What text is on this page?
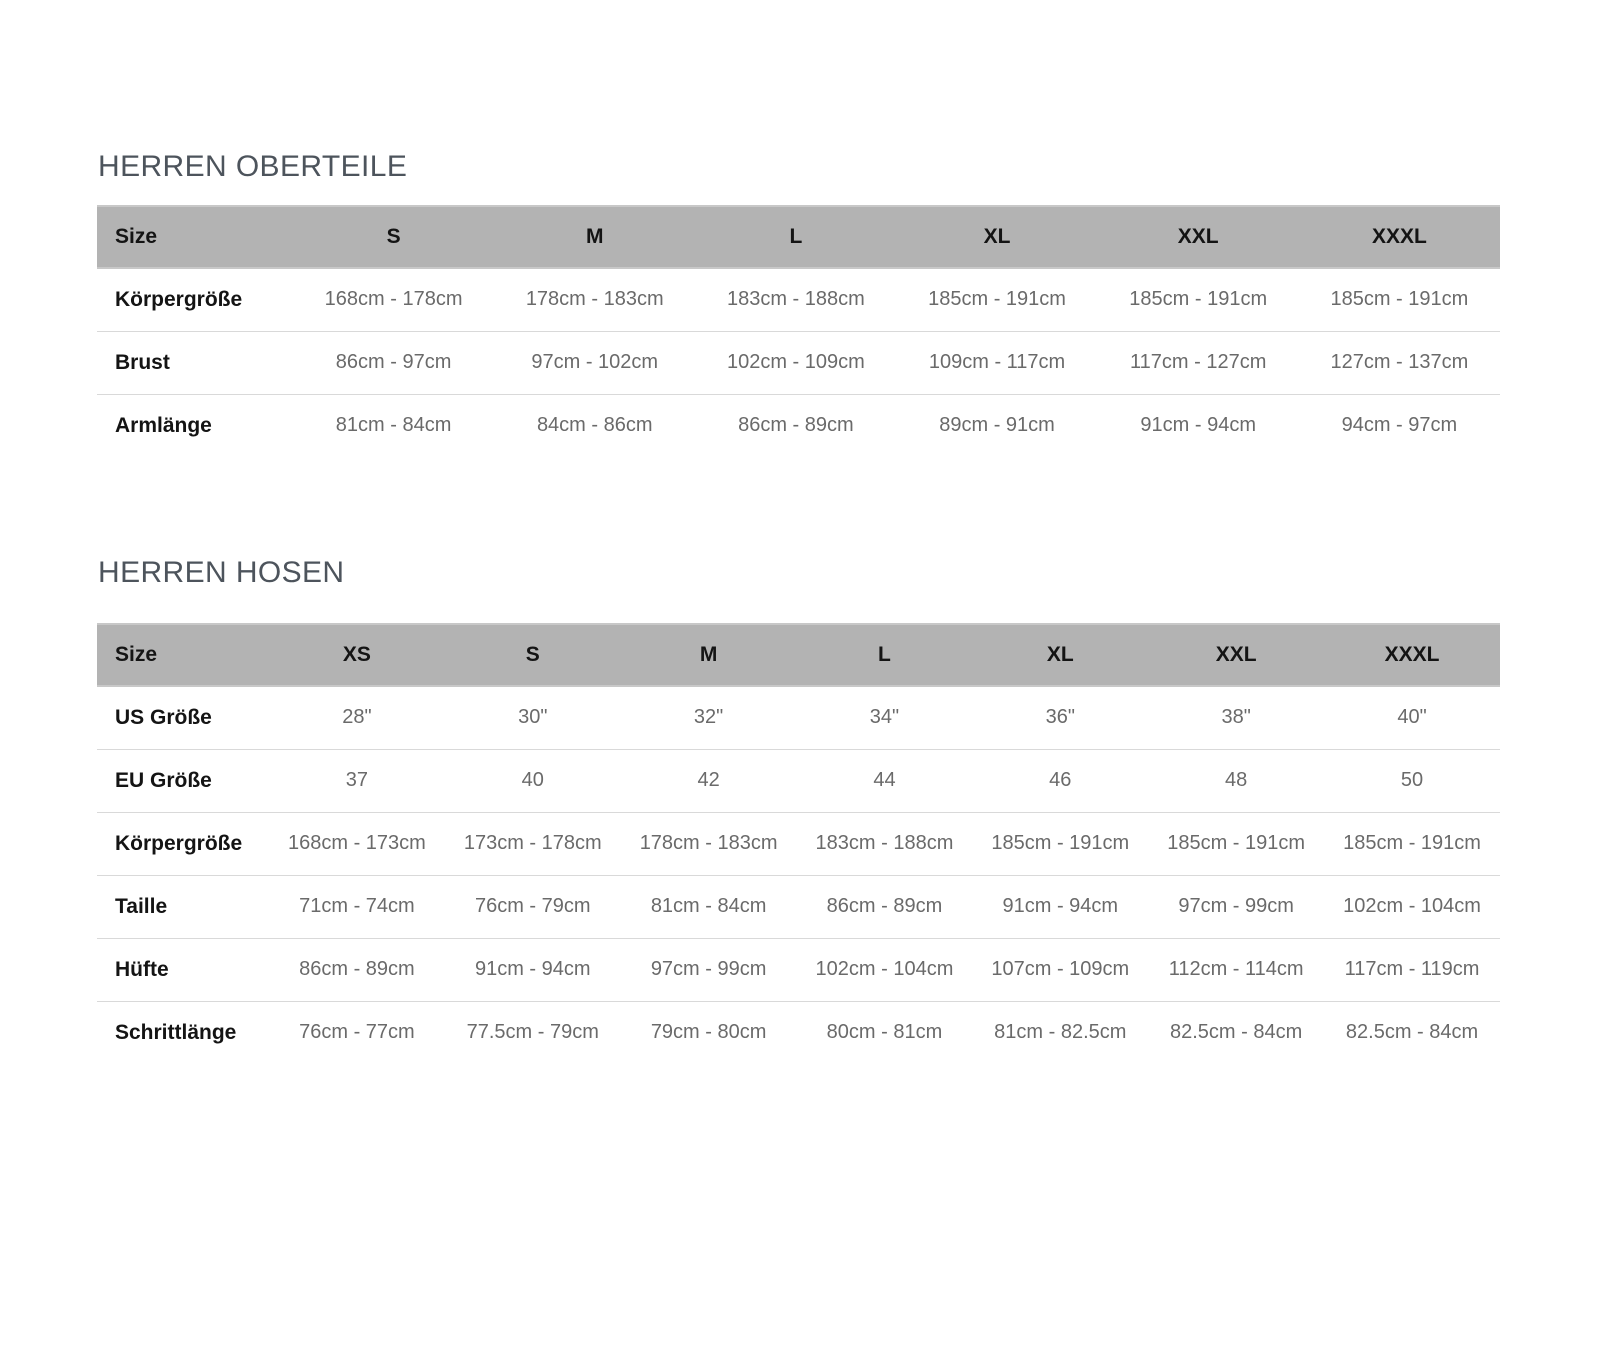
HERREN OBERTEILE
Size	S	M	L	XL	XXL	XXXL
Körpergröße	168cm - 178cm	178cm - 183cm	183cm - 188cm	185cm - 191cm	185cm - 191cm	185cm - 191cm
Brust	86cm - 97cm	97cm - 102cm	102cm - 109cm	109cm - 117cm	117cm - 127cm	127cm - 137cm
Armlänge	81cm - 84cm	84cm - 86cm	86cm - 89cm	89cm - 91cm	91cm - 94cm	94cm - 97cm
HERREN HOSEN
Size	XS	S	M	L	XL	XXL	XXXL
US Größe	28"	30"	32"	34"	36"	38"	40"
EU Größe	37	40	42	44	46	48	50
Körpergröße	168cm - 173cm	173cm - 178cm	178cm - 183cm	183cm - 188cm	185cm - 191cm	185cm - 191cm	185cm - 191cm
Taille	71cm - 74cm	76cm - 79cm	81cm - 84cm	86cm - 89cm	91cm - 94cm	97cm - 99cm	102cm - 104cm
Hüfte	86cm - 89cm	91cm - 94cm	97cm - 99cm	102cm - 104cm	107cm - 109cm	112cm - 114cm	117cm - 119cm
Schrittlänge	76cm - 77cm	77.5cm - 79cm	79cm - 80cm	80cm - 81cm	81cm - 82.5cm	82.5cm - 84cm	82.5cm - 84cm
